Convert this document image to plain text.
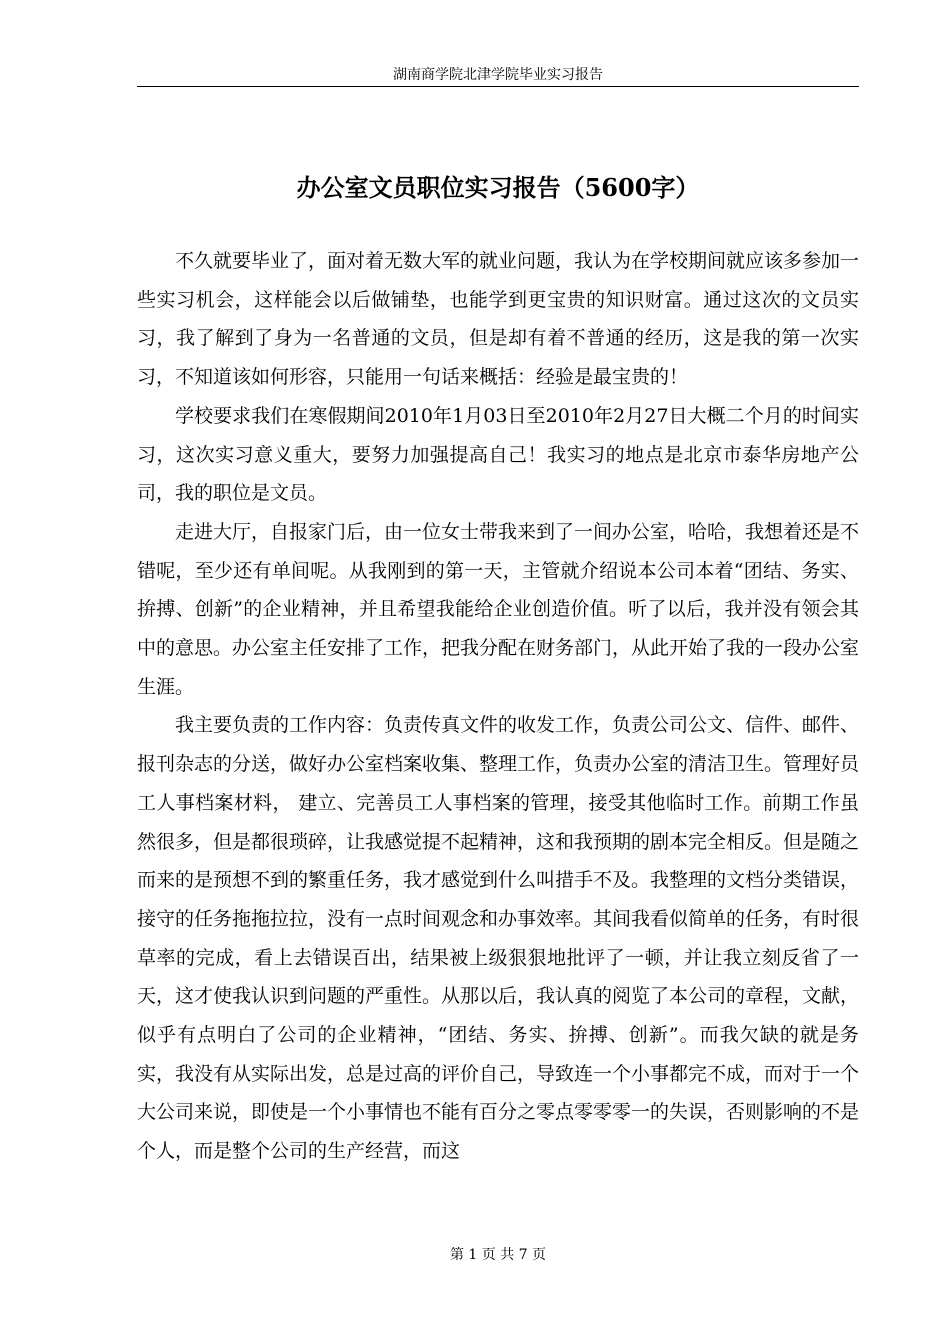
湖南商学院北津学院毕业实习报告
办公室文员职位实习报告（5600字）

不久就要毕业了，面对着无数大军的就业问题，我认为在学校期间就应该多参加一些实习机会，这样能会以后做铺垫，也能学到更宝贵的知识财富。通过这次的文员实习，我了解到了身为一名普通的文员，但是却有着不普通的经历，这是我的第一次实习，不知道该如何形容，只能用一句话来概括：经验是最宝贵的！

学校要求我们在寒假期间2010年1月03日至2010年2月27日大概二个月的时间实习，这次实习意义重大，要努力加强提高自己！我实习的地点是北京市泰华房地产公司，我的职位是文员。

走进大厅，自报家门后，由一位女士带我来到了一间办公室，哈哈，我想着还是不错呢，至少还有单间呢。从我刚到的第一天，主管就介绍说本公司本着“团结、务实、拚搏、创新”的企业精神，并且希望我能给企业创造价值。听了以后，我并没有领会其中的意思。办公室主任安排了工作，把我分配在财务部门，从此开始了我的一段办公室生涯。

我主要负责的工作内容：负责传真文件的收发工作，负责公司公文、信件、邮件、报刊杂志的分送，做好办公室档案收集、整理工作，负责办公室的清洁卫生。管理好员工人事档案材料， 建立、完善员工人事档案的管理，接受其他临时工作。前期工作虽然很多，但是都很琐碎，让我感觉提不起精神，这和我预期的剧本完全相反。但是随之而来的是预想不到的繁重任务，我才感觉到什么叫措手不及。我整理的文档分类错误，接守的任务拖拖拉拉，没有一点时间观念和办事效率。其间我看似简单的任务，有时很草率的完成，看上去错误百出，结果被上级狠狠地批评了一顿，并让我立刻反省了一天，这才使我认识到问题的严重性。从那以后，我认真的阅览了本公司的章程，文献，似乎有点明白了公司的企业精神，“团结、务实、拚搏、创新”。而我欠缺的就是务实，我没有从实际出发，总是过高的评价自己，导致连一个小事都完不成，而对于一个大公司来说，即使是一个小事情也不能有百分之零点零零零一的失误，否则影响的不是个人，而是整个公司的生产经营，而这

第 1 页 共 7 页
